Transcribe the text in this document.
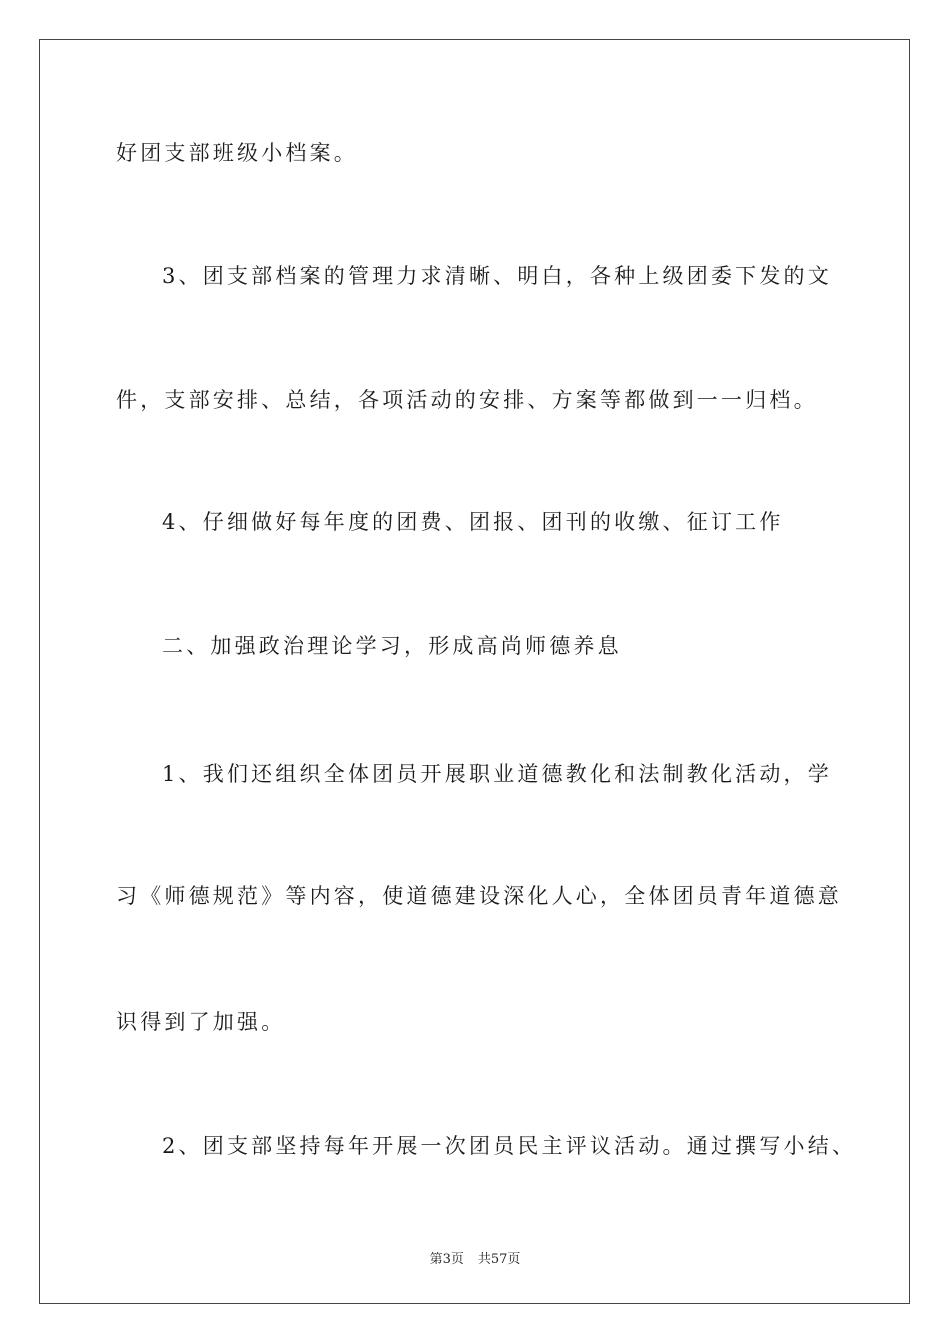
好团支部班级小档案。
3、团支部档案的管理力求清晰、明白，各种上级团委下发的文
件，支部安排、总结，各项活动的安排、方案等都做到一一归档。
4、仔细做好每年度的团费、团报、团刊的收缴、征订工作
二、加强政治理论学习，形成高尚师德养息
1、我们还组织全体团员开展职业道德教化和法制教化活动，学
习《师德规范》等内容，使道德建设深化人心，全体团员青年道德意
识得到了加强。
2、团支部坚持每年开展一次团员民主评议活动。通过撰写小结、
第3页 共57页
